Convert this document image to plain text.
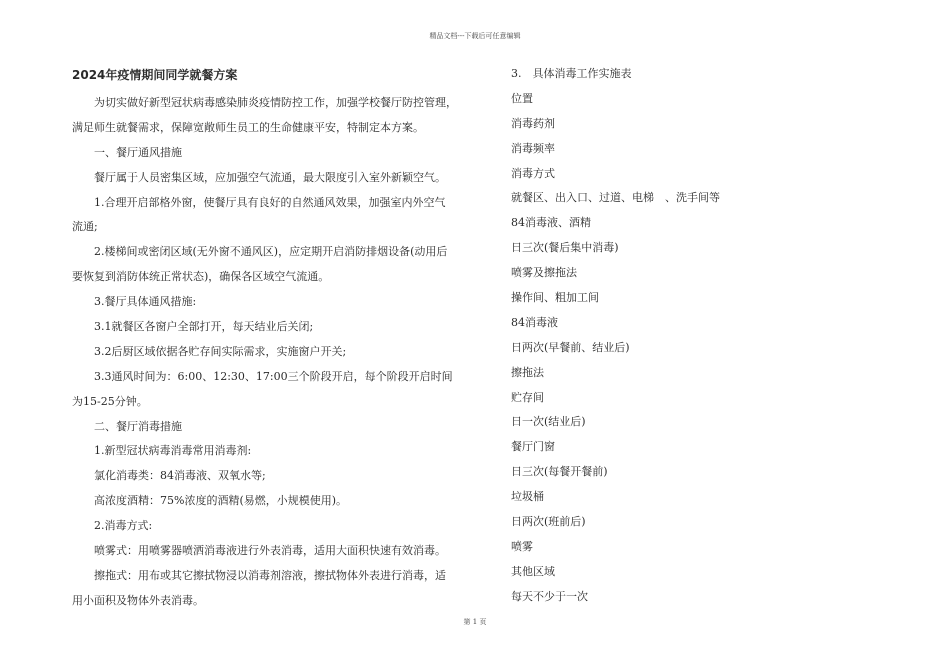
精品文档---下载后可任意编辑
2024年疫情期间同学就餐方案
为切实做好新型冠状病毒感染肺炎疫情防控工作，加强学校餐厅防控管理，
满足师生就餐需求，保障宽敞师生员工的生命健康平安，特制定本方案。
一、餐厅通风措施
餐厅属于人员密集区域，应加强空气流通，最大限度引入室外新颖空气。
1.合理开启部格外窗，使餐厅具有良好的自然通风效果，加强室内外空气
流通;
2.楼梯间或密闭区域(无外窗不通风区)，应定期开启消防排烟设备(动用后
要恢复到消防体统正常状态)，确保各区域空气流通。
3.餐厅具体通风措施:
3.1就餐区各窗户全部打开，每天结业后关闭;
3.2后厨区域依据各贮存间实际需求，实施窗户开关;
3.3通风时间为：6:00、12:30、17:00三个阶段开启，每个阶段开启时间
为15-25分钟。
二、餐厅消毒措施
1.新型冠状病毒消毒常用消毒剂:
氯化消毒类：84消毒液、双氧水等;
高浓度酒精：75%浓度的酒精(易燃，小规模使用)。
2.消毒方式:
喷雾式：用喷雾器喷洒消毒液进行外表消毒，适用大面积快速有效消毒。
擦拖式：用布或其它擦拭物浸以消毒剂溶液，擦拭物体外表进行消毒，适
用小面积及物体外表消毒。
3.　具体消毒工作实施表
位置
消毒药剂
消毒频率
消毒方式
就餐区、出入口、过道、电梯　、洗手间等
84消毒液、酒精
日三次(餐后集中消毒)
喷雾及擦拖法
操作间、粗加工间
84消毒液
日两次(早餐前、结业后)
擦拖法
贮存间
日一次(结业后)
餐厅门窗
日三次(每餐开餐前)
垃圾桶
日两次(班前后)
喷雾
其他区域
每天不少于一次
第 1 页
